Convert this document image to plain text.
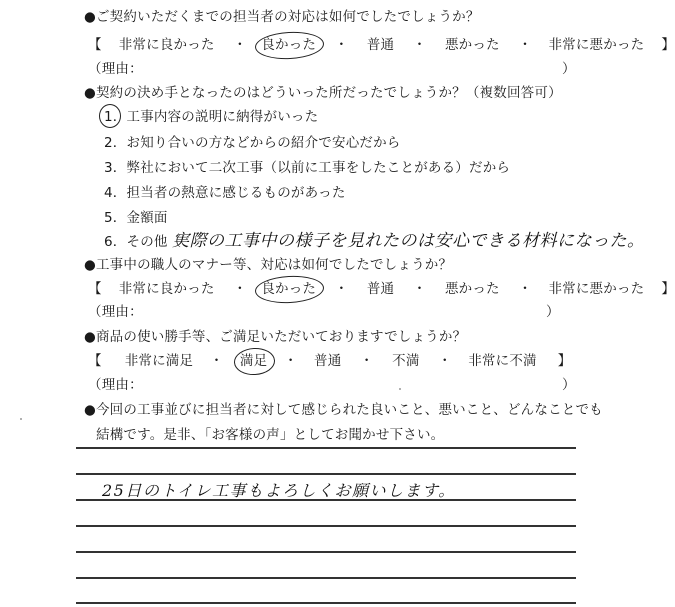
●ご契約いただくまでの担当者の対応は如何でしたでしょうか？
【 非常に良かった ・ 良かった ・ 普通 ・ 悪かった ・ 非常に悪かった 】
（理由：	）
●契約の決め手となったのはどういった所だったでしょうか？（複数回答可）
1．工事内容の説明に納得がいった
2．お知り合いの方などからの紹介で安心だから
3．弊社において二次工事（以前に工事をしたことがある）だから
4．担当者の熱意に感じるものがあった
5．金額面
6．その他（
実際の工事中の様子を見れたのは安心できる材料になった。
●工事中の職人のマナー等、対応は如何でしたでしょうか？
【 非常に良かった ・ 良かった ・ 普通 ・ 悪かった ・ 非常に悪かった 】
（理由：	）
●商品の使い勝手等、ご満足いただいておりますでしょうか？
【 非常に満足 ・ 満足 ・ 普通 ・ 不満 ・ 非常に不満 】
（理由：	）
●今回の工事並びに担当者に対して感じられた良いこと、悪いこと、どんなことでも
結構です。是非、「お客様の声」としてお聞かせ下さい。
25日のトイレ工事もよろしくお願いします。
